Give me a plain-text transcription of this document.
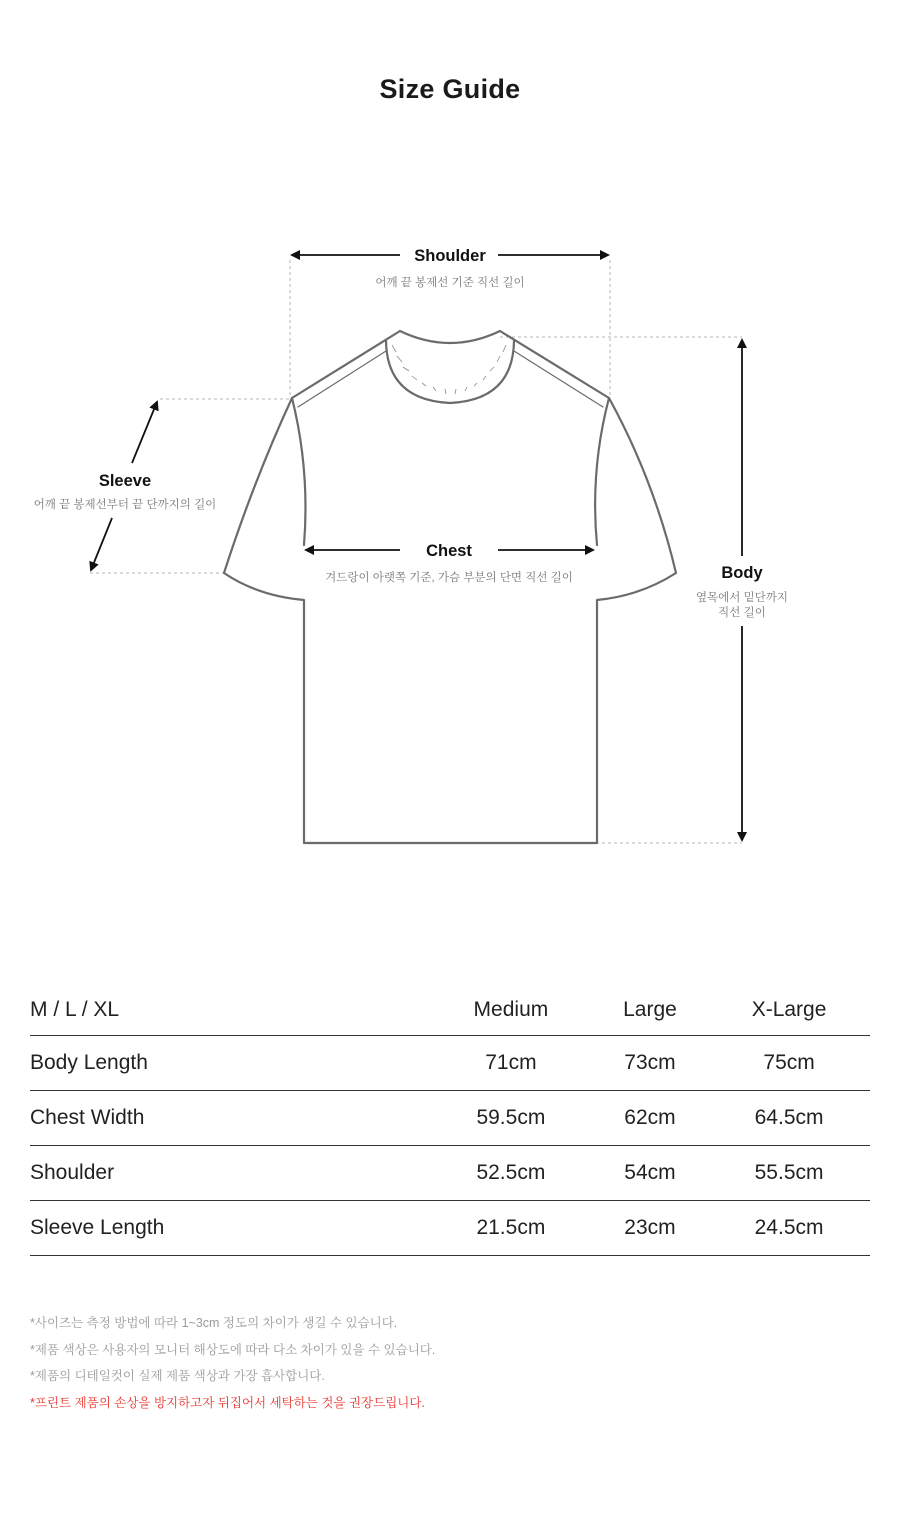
Size Guide
Shoulder
어깨 끝 봉제선 기준 직선 길이
Sleeve
어깨 끝 봉제선부터 끝 단까지의 길이
Chest
겨드랑이 아랫쪽 기준, 가슴 부분의 단면 직선 길이	Body
옆목에서 밑단까지
직선 길이
M / L / XL	Medium	Large	X-Large
Body Length	71cm	73cm	75cm
Chest Width	59.5cm	62cm	64.5cm
Shoulder	52.5cm	54cm	55.5cm
Sleeve Length	21.5cm	23cm	24.5cm
*사이즈는 측정 방법에 따라 1~3cm 정도의 차이가 생길 수 있습니다.
*제품 색상은 사용자의 모니터 해상도에 따라 다소 차이가 있을 수 있습니다.
*제품의 디테일컷이 실제 제품 색상과 가장 흡사합니다.
*프린트 제품의 손상을 방지하고자 뒤집어서 세탁하는 것을 권장드립니다.
